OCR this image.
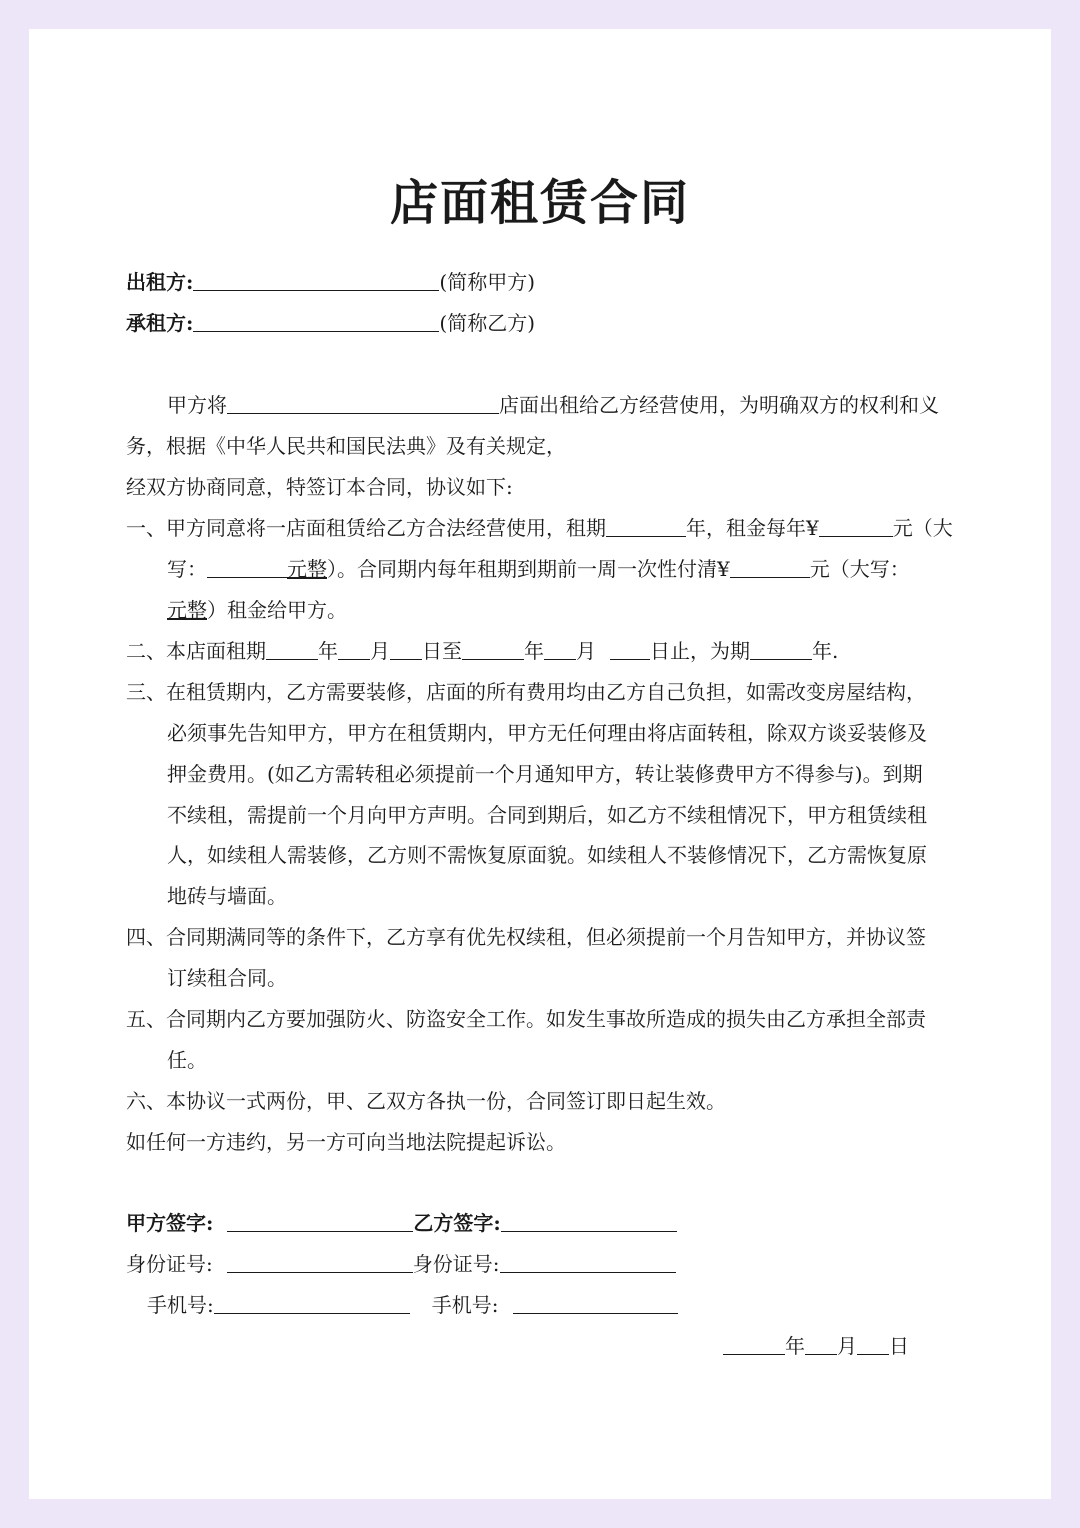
店面租赁合同
出租方:	(简称甲方)
承租方:	(简称乙方)
甲方将	店面出租给乙方经营使用，为明确双方的权利和义
务，根据《中华人民共和国民法典》及有关规定，
经双方协商同意，特签订本合同，协议如下:
一、甲方同意将一店面租赁给乙方合法经营使用，租期	年，租金每年¥	元（大
写：	元整）。合同期内每年租期到期前一周一次性付清¥	元（大写：
元整）租金给甲方。
二、本店面租期	年 月 日至	年 月	日止，为期	年.
三、在租赁期内，乙方需要装修，店面的所有费用均由乙方自己负担，如需改变房屋结构，
必须事先告知甲方，甲方在租赁期内，甲方无任何理由将店面转租，除双方谈妥装修及
押金费用。(如乙方需转租必须提前一个月通知甲方，转让装修费甲方不得参与)。到期
不续租，需提前一个月向甲方声明。合同到期后，如乙方不续租情况下，甲方租赁续租
人，如续租人需装修，乙方则不需恢复原面貌。如续租人不装修情况下，乙方需恢复原
地砖与墙面。
四、合同期满同等的条件下，乙方享有优先权续租，但必须提前一个月告知甲方，并协议签
订续租合同。
五、合同期内乙方要加强防火、防盗安全工作。如发生事故所造成的损失由乙方承担全部责
任。
六、本协议一式两份，甲、乙双方各执一份，合同签订即日起生效。
如任何一方违约，另一方可向当地法院提起诉讼。
甲方签字:	乙方签字:
身份证号:	身份证号:
手机号:	手机号:
年 月 日
